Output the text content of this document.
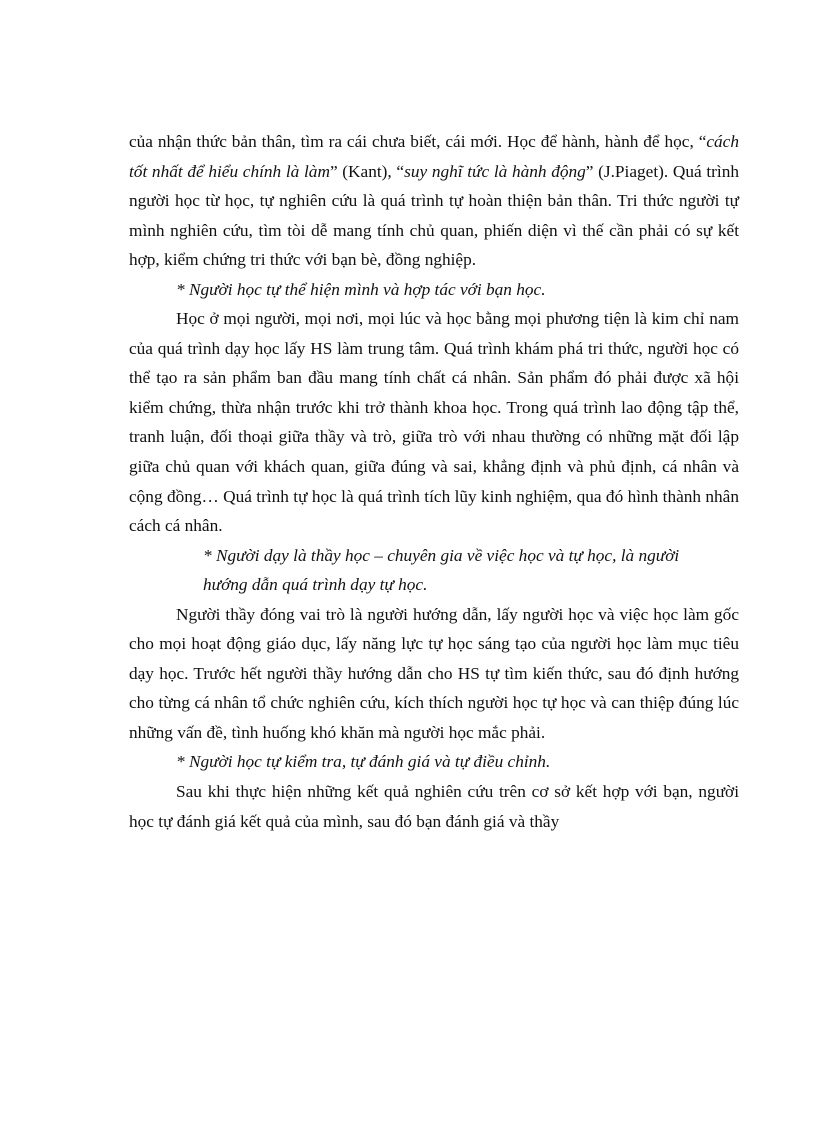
của nhận thức bản thân, tìm ra cái chưa biết, cái mới. Học để hành, hành để học, “cách tốt nhất để hiểu chính là làm” (Kant), “suy nghĩ tức là hành động” (J.Piaget). Quá trình người học từ học, tự nghiên cứu là quá trình tự hoàn thiện bản thân. Tri thức người tự mình nghiên cứu, tìm tòi dễ mang tính chủ quan, phiến diện vì thế cần phải có sự kết hợp, kiểm chứng tri thức với bạn bè, đồng nghiệp.

* Người học tự thể hiện mình và hợp tác với bạn học.

Học ở mọi người, mọi nơi, mọi lúc và học bằng mọi phương tiện là kim chỉ nam của quá trình dạy học lấy HS làm trung tâm. Quá trình khám phá tri thức, người học có thể tạo ra sản phẩm ban đầu mang tính chất cá nhân. Sản phẩm đó phải được xã hội kiểm chứng, thừa nhận trước khi trở thành khoa học. Trong quá trình lao động tập thể, tranh luận, đối thoại giữa thầy và trò, giữa trò với nhau thường có những mặt đối lập giữa chủ quan với khách quan, giữa đúng và sai, khẳng định và phủ định, cá nhân và cộng đồng… Quá trình tự học là quá trình tích lũy kinh nghiệm, qua đó hình thành nhân cách cá nhân.

* Người dạy là thầy học – chuyên gia về việc học và tự học, là người
hướng dẫn quá trình dạy tự học.

Người thầy đóng vai trò là người hướng dẫn, lấy người học và việc học làm gốc cho mọi hoạt động giáo dục, lấy năng lực tự học sáng tạo của người học làm mục tiêu dạy học. Trước hết người thầy hướng dẫn cho HS tự tìm kiến thức, sau đó định hướng cho từng cá nhân tổ chức nghiên cứu, kích thích người học tự học và can thiệp đúng lúc những vấn đề, tình huống khó khăn mà người học mắc phải.

* Người học tự kiểm tra, tự đánh giá và tự điều chỉnh.

Sau khi thực hiện những kết quả nghiên cứu trên cơ sở kết hợp với bạn, người học tự đánh giá kết quả của mình, sau đó bạn đánh giá và thầy
